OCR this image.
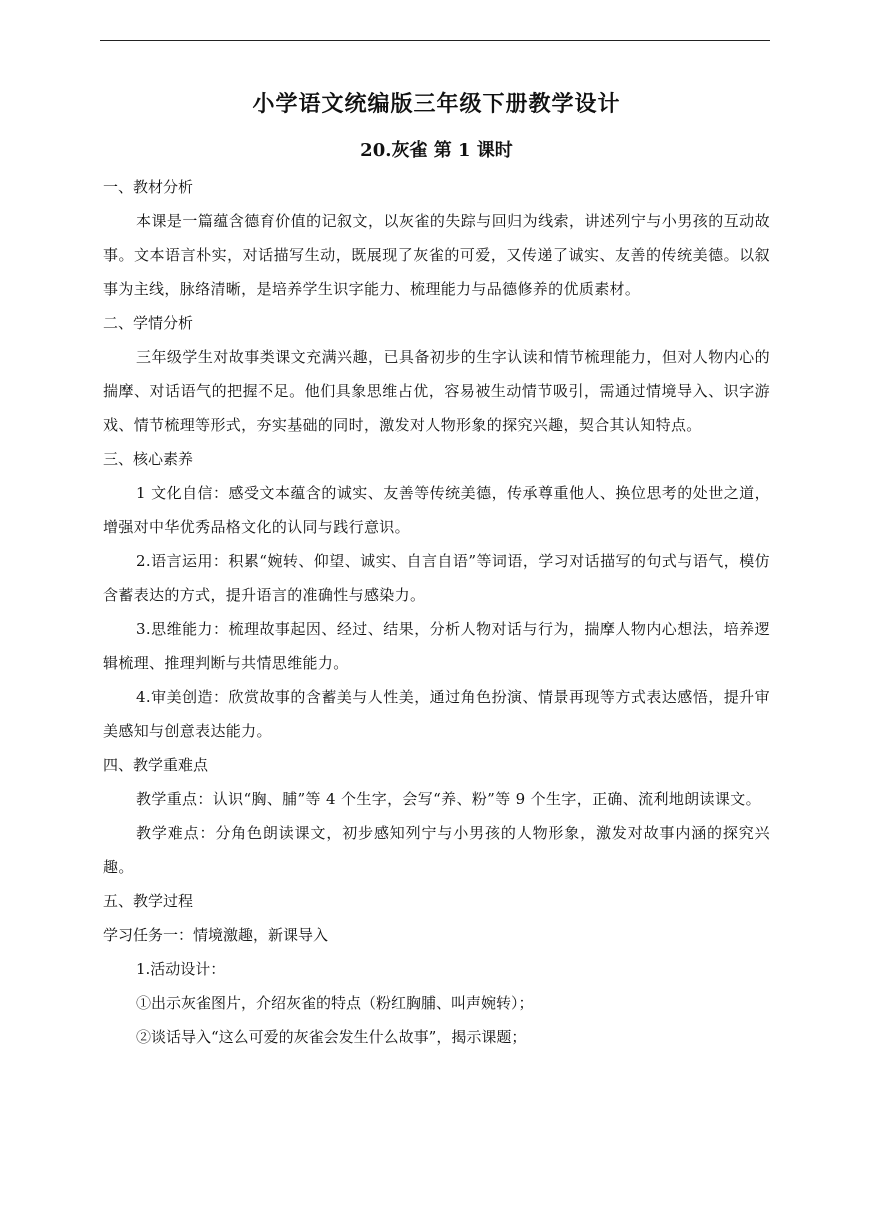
小学语文统编版三年级下册教学设计
20.灰雀 第 1 课时

一、教材分析

本课是一篇蕴含德育价值的记叙文，以灰雀的失踪与回归为线索，讲述列宁与小男孩的互动故事。文本语言朴实，对话描写生动，既展现了灰雀的可爱，又传递了诚实、友善的传统美德。以叙事为主线，脉络清晰，是培养学生识字能力、梳理能力与品德修养的优质素材。

二、学情分析

三年级学生对故事类课文充满兴趣，已具备初步的生字认读和情节梳理能力，但对人物内心的揣摩、对话语气的把握不足。他们具象思维占优，容易被生动情节吸引，需通过情境导入、识字游戏、情节梳理等形式，夯实基础的同时，激发对人物形象的探究兴趣，契合其认知特点。

三、核心素养

1 文化自信：感受文本蕴含的诚实、友善等传统美德，传承尊重他人、换位思考的处世之道，增强对中华优秀品格文化的认同与践行意识。

2.语言运用：积累“婉转、仰望、诚实、自言自语”等词语，学习对话描写的句式与语气，模仿含蓄表达的方式，提升语言的准确性与感染力。

3.思维能力：梳理故事起因、经过、结果，分析人物对话与行为，揣摩人物内心想法，培养逻辑梳理、推理判断与共情思维能力。

4.审美创造：欣赏故事的含蓄美与人性美，通过角色扮演、情景再现等方式表达感悟，提升审美感知与创意表达能力。

四、教学重难点

教学重点：认识“胸、脯”等 4 个生字，会写“养、粉”等 9 个生字，正确、流利地朗读课文。

教学难点：分角色朗读课文，初步感知列宁与小男孩的人物形象，激发对故事内涵的探究兴趣。

五、教学过程

学习任务一：情境激趣，新课导入

1.活动设计：

①出示灰雀图片，介绍灰雀的特点（粉红胸脯、叫声婉转）；

②谈话导入“这么可爱的灰雀会发生什么故事”，揭示课题；
